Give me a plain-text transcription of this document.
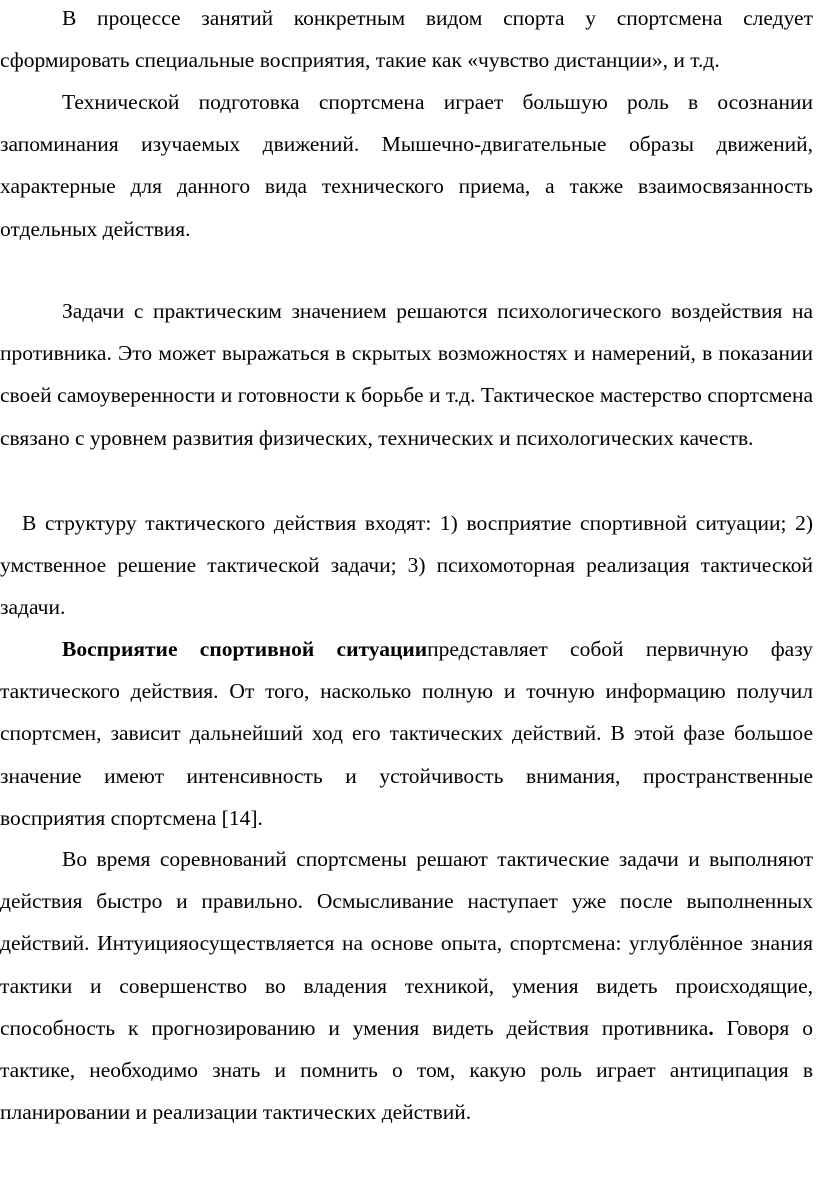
В процессе занятий конкретным видом спорта у спортсмена следует сформировать специальные восприятия, такие как «чувство дистанции», и т.д.

Технической подготовка спортсмена играет большую роль в осознании запоминания изучаемых движений. Мышечно-двигательные образы движений, характерные для данного вида технического приема, а также взаимосвязанность отдельных действия.

Задачи с практическим значением решаются психологического воздействия на противника. Это может выражаться в скрытых возможностях и намерений, в показании своей самоуверенности и готовности к борьбе и т.д. Тактическое мастерство спортсмена связано с уровнем развития физических, технических и психологических качеств.

В структуру тактического действия входят: 1) восприятие спортивной ситуации; 2) умственное решение тактической задачи; 3) психомоторная реализация тактической задачи.

Восприятие спортивной ситуациипредставляет собой первичную фазу тактического действия. От того, насколько полную и точную информацию получил спортсмен, зависит дальнейший ход его тактических действий. В этой фазе большое значение имеют интенсивность и устойчивость внимания, пространственные восприятия спортсмена [14].

Во время соревнований спортсмены решают тактические задачи и выполняют действия быстро и правильно. Осмысливание наступает уже после выполненных действий. Интуицияосуществляется на основе опыта, спортсмена: углублённое знания тактики и совершенство во владения техникой, умения видеть происходящие, способность к прогнозированию и умения видеть действия противника. Говоря о тактике, необходимо знать и помнить о том, какую роль играет антиципация в планировании и реализации тактических действий.
